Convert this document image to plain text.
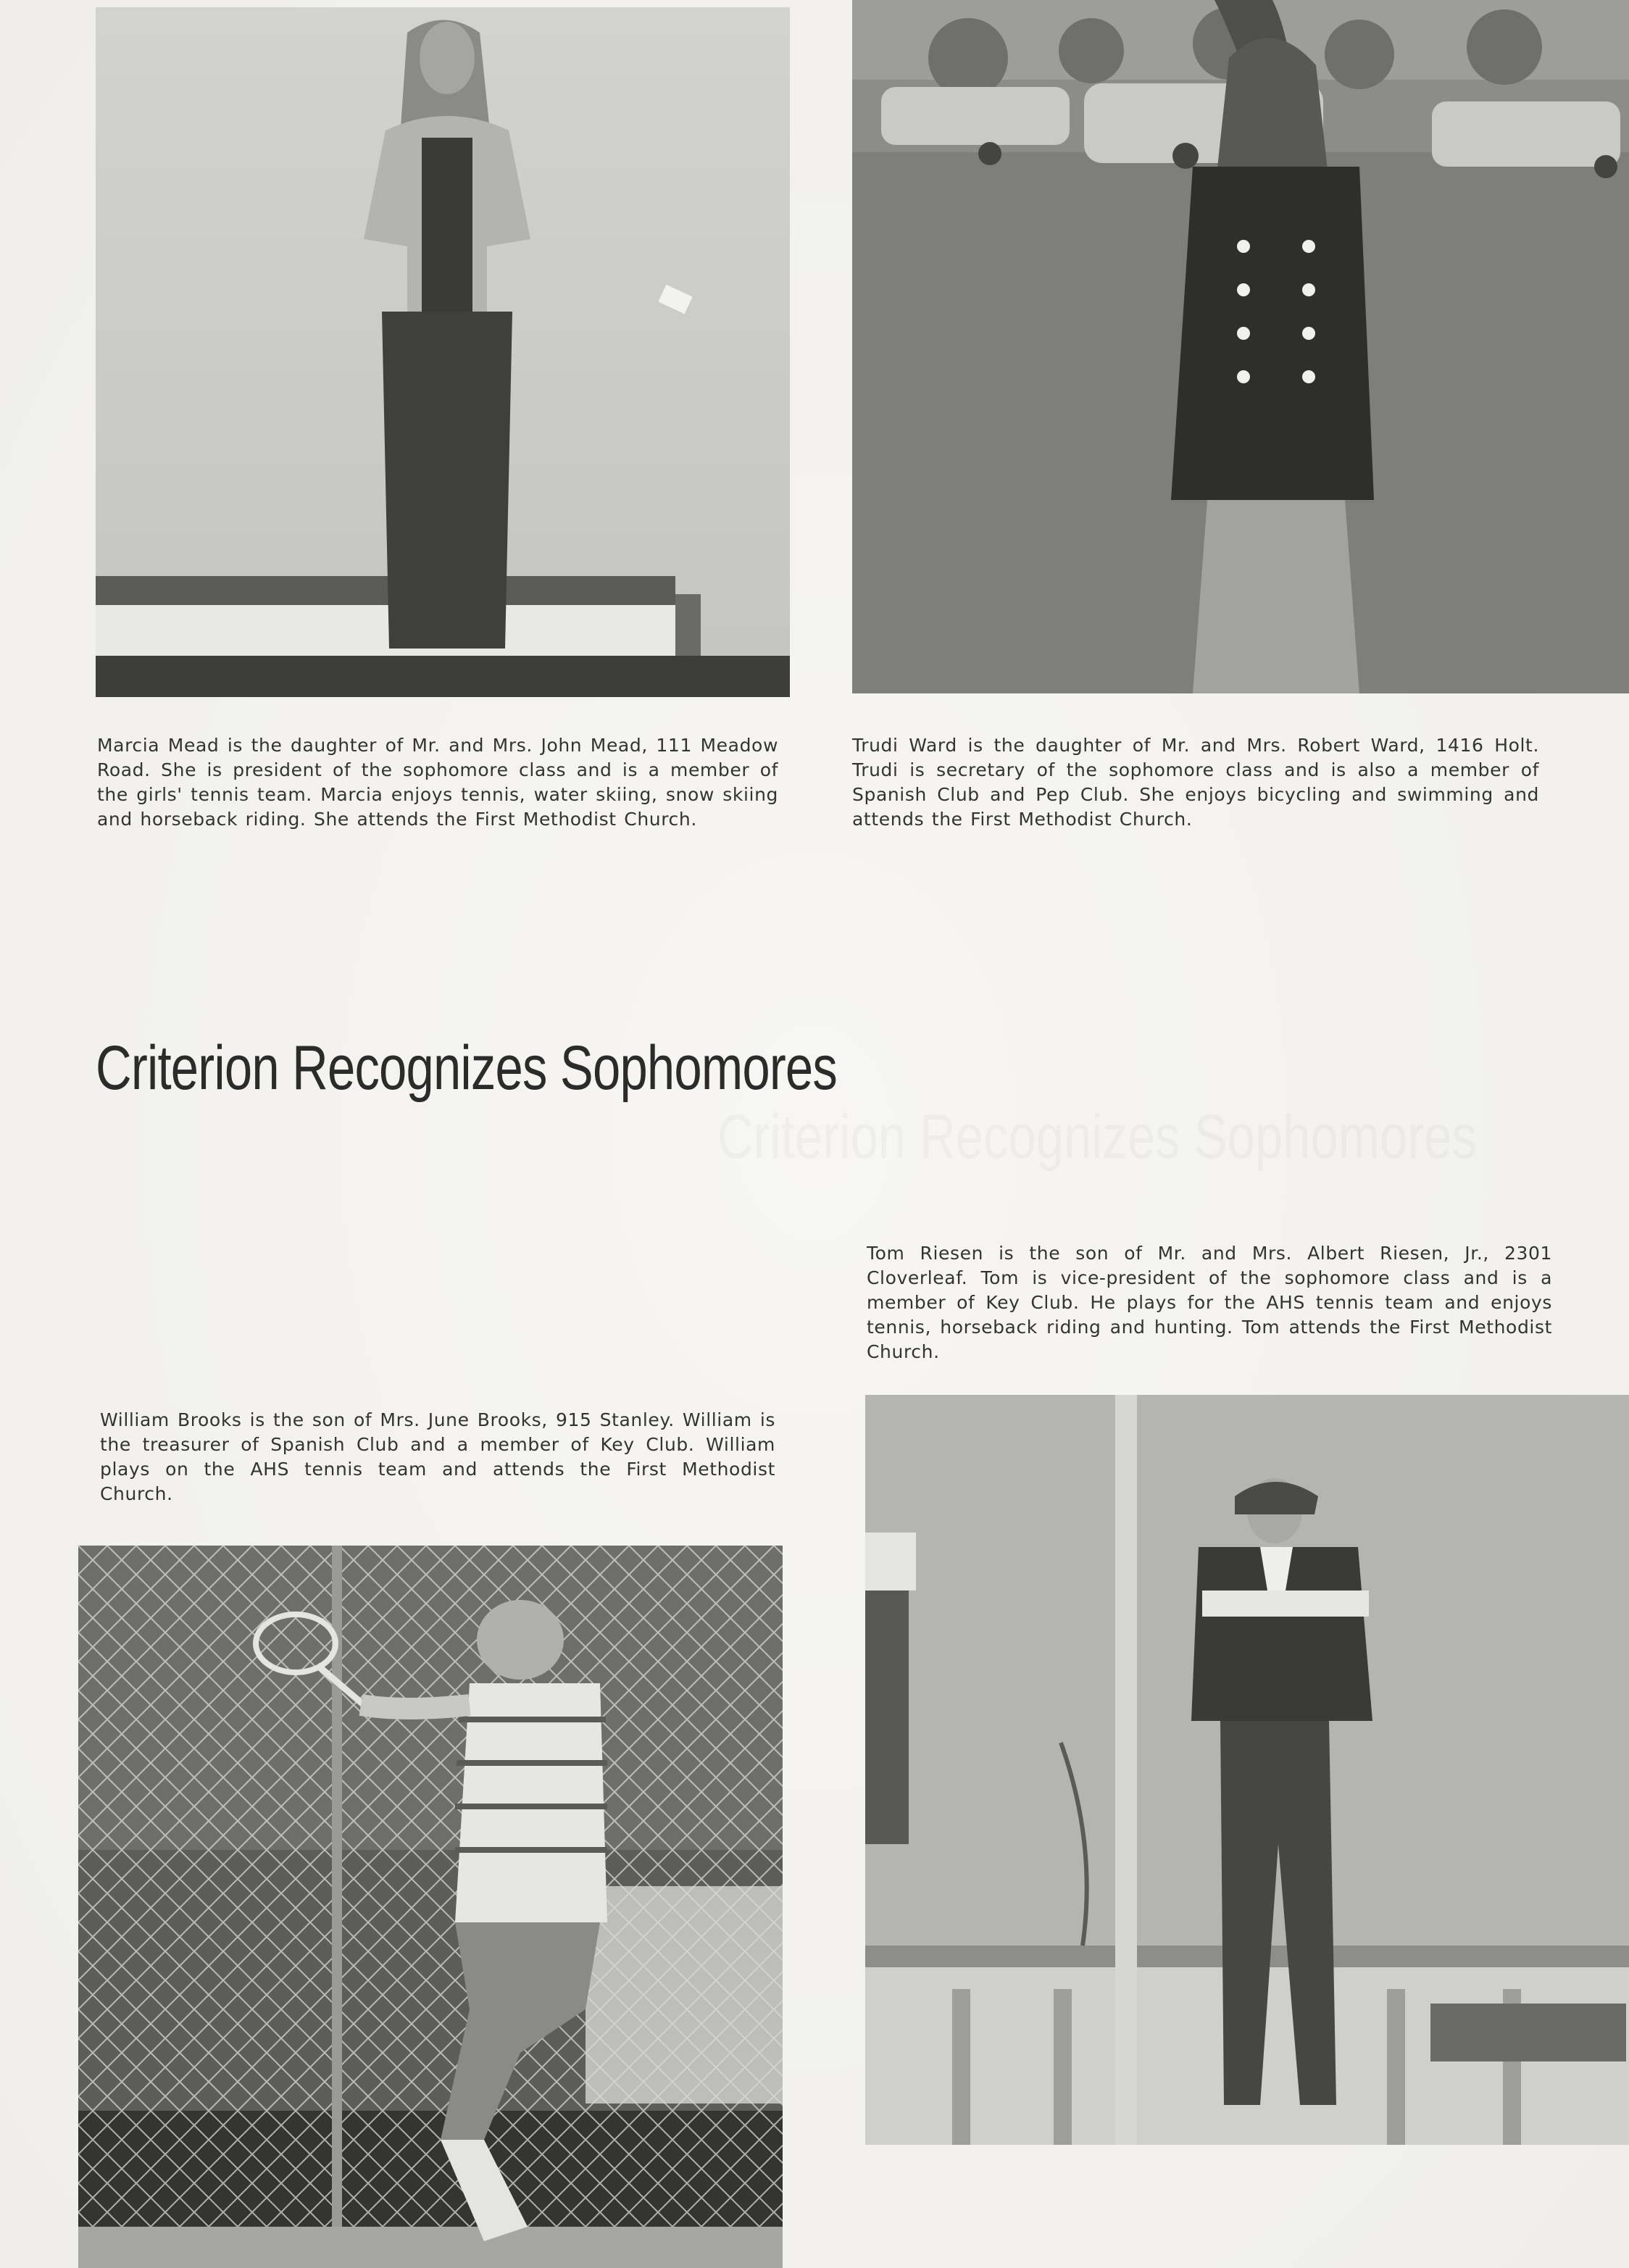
Marcia Mead is the daughter of Mr. and Mrs. John Mead, 111 Meadow Road. She is president of the sophomore class and is a member of the girls' tennis team. Marcia enjoys tennis, water skiing, snow skiing and horseback riding. She attends the First Methodist Church.
Trudi Ward is the daughter of Mr. and Mrs. Robert Ward, 1416 Holt. Trudi is secretary of the sophomore class and is also a member of Spanish Club and Pep Club. She enjoys bicycling and swimming and attends the First Methodist Church.
Criterion Recognizes Sophomores
Tom Riesen is the son of Mr. and Mrs. Albert Riesen, Jr., 2301 Cloverleaf. Tom is vice-president of the sophomore class and is a member of Key Club. He plays for the AHS tennis team and enjoys tennis, horseback riding and hunting. Tom attends the First Methodist Church.
William Brooks is the son of Mrs. June Brooks, 915 Stanley. William is the treasurer of Spanish Club and a member of Key Club. William plays on the AHS tennis team and attends the First Methodist Church.
